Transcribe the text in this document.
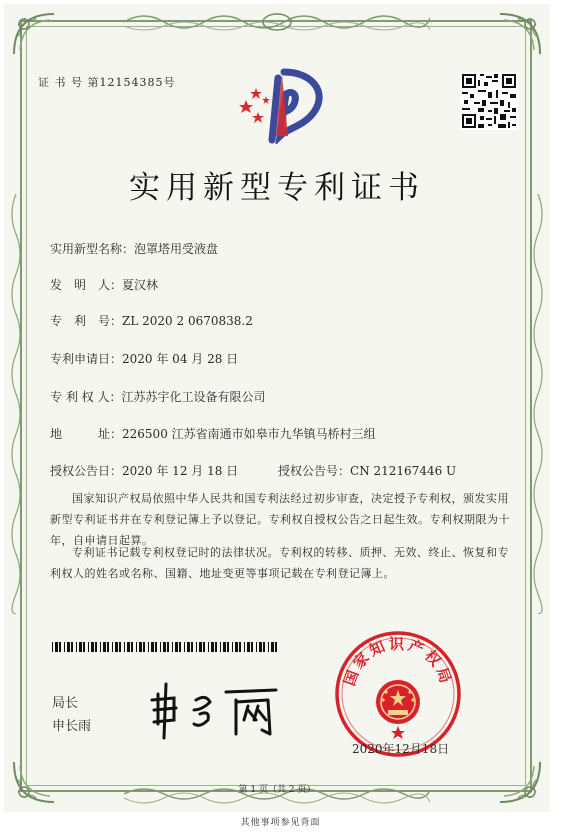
证 书 号 第12154385号
实用新型专利证书
实用新型名称：泡罩塔用受液盘
发　明　人：夏汉林
专　利　号：ZL 2020 2 0670838.2
专利申请日：2020 年 04 月 28 日
专 利 权 人：江苏苏宇化工设备有限公司
地　　　址：226500 江苏省南通市如皋市九华镇马桥村三组
授权公告日：2020 年 12 月 18 日	授权公告号：CN 212167446 U
国家知识产权局依照中华人民共和国专利法经过初步审查，决定授予专利权，颁发实用新型专利证书并在专利登记簿上予以登记。专利权自授权公告之日起生效。专利权期限为十年，自申请日起算。
专利证书记载专利权登记时的法律状况。专利权的转移、质押、无效、终止、恢复和专利权人的姓名或名称、国籍、地址变更等事项记载在专利登记簿上。
局长
申长雨
国家知识产权局
2020年12月18日
第 1 页（共 2 页）
其他事项参见背面
